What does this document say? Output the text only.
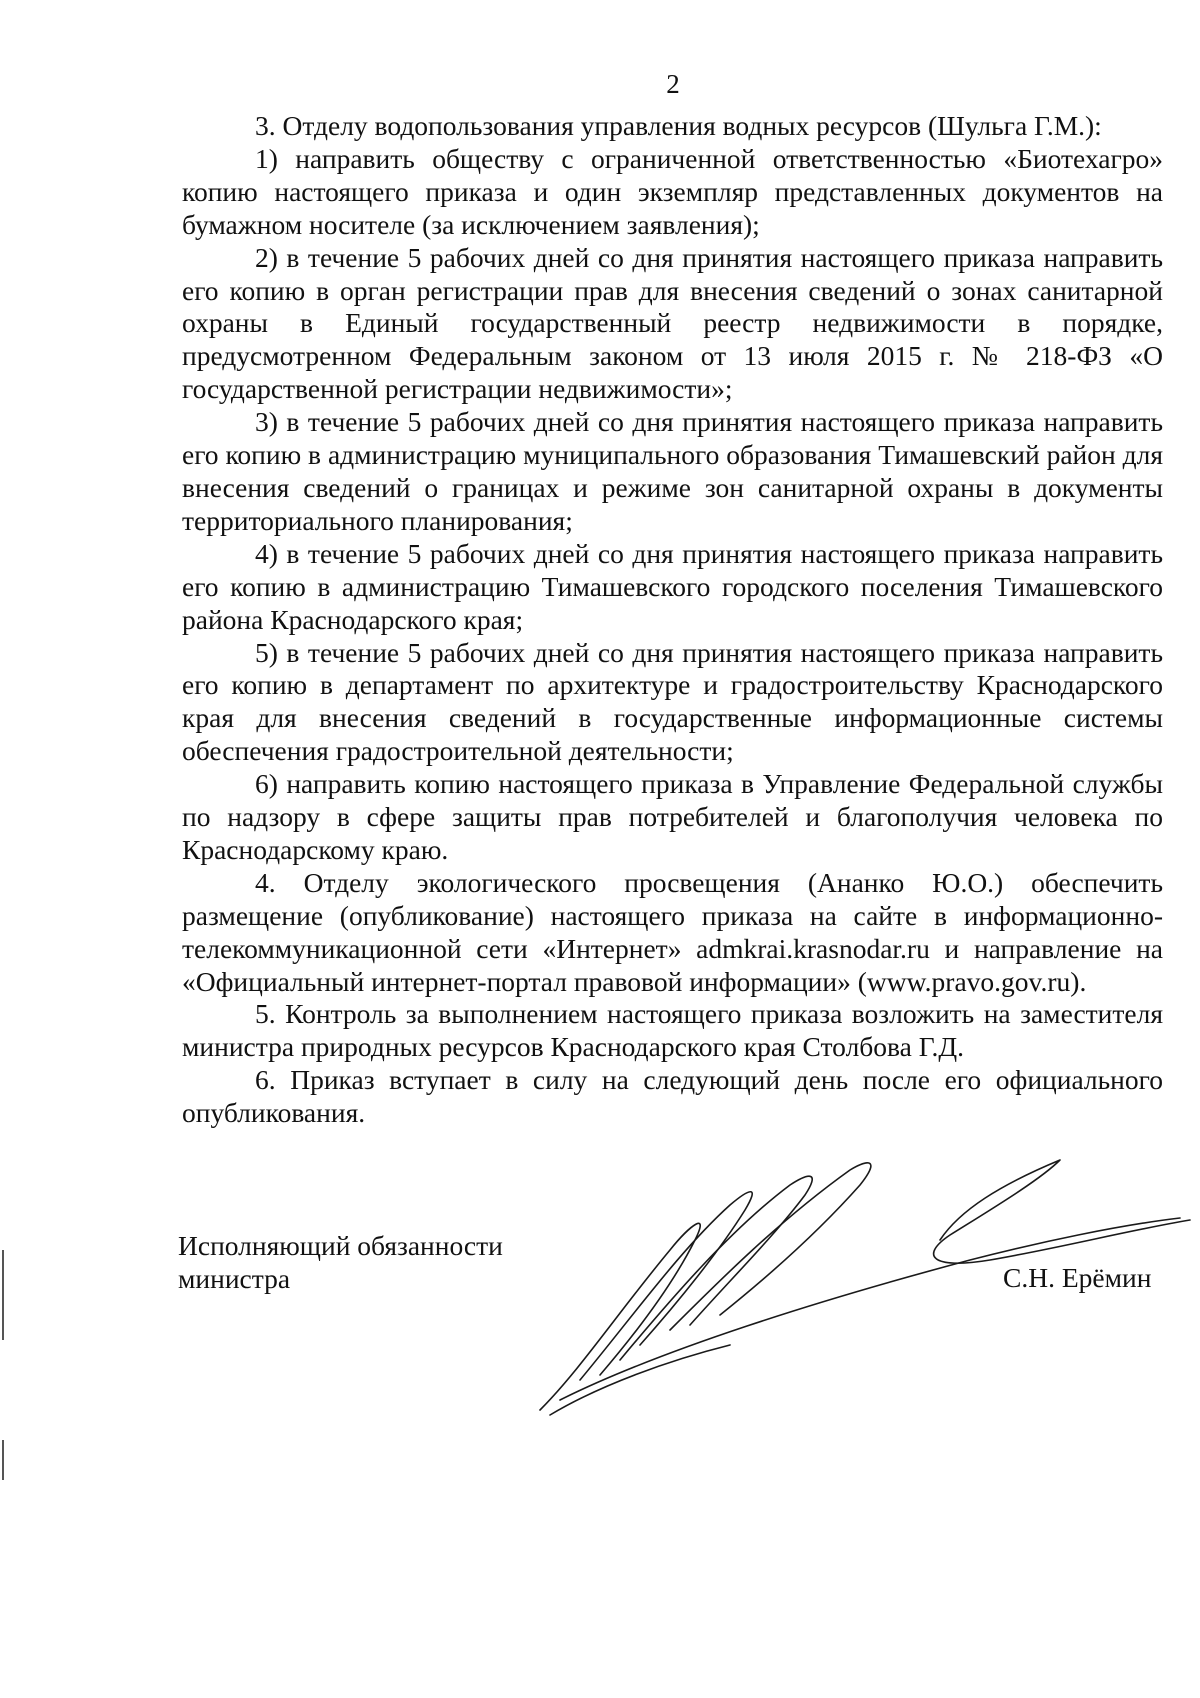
2

3. Отделу водопользования управления водных ресурсов (Шульга Г.М.):

1) направить обществу с ограниченной ответственностью «Биотехагро» копию настоящего приказа и один экземпляр представленных документов на бумажном носителе (за исключением заявления);

2) в течение 5 рабочих дней со дня принятия настоящего приказа направить его копию в орган регистрации прав для внесения сведений о зонах санитарной охраны в Единый государственный реестр недвижимости в порядке, предусмотренном Федеральным законом от 13 июля 2015 г. № 218-ФЗ «О государственной регистрации недвижимости»;

3) в течение 5 рабочих дней со дня принятия настоящего приказа направить его копию в администрацию муниципального образования Тимашевский район для внесения сведений о границах и режиме зон санитарной охраны в документы территориального планирования;

4) в течение 5 рабочих дней со дня принятия настоящего приказа направить его копию в администрацию Тимашевского городского поселения Тимашевского района Краснодарского края;

5) в течение 5 рабочих дней со дня принятия настоящего приказа направить его копию в департамент по архитектуре и градостроительству Краснодарского края для внесения сведений в государственные информационные системы обеспечения градостроительной деятельности;

6) направить копию настоящего приказа в Управление Федеральной службы по надзору в сфере защиты прав потребителей и благополучия человека по Краснодарскому краю.

4. Отделу экологического просвещения (Ананко Ю.О.) обеспечить размещение (опубликование) настоящего приказа на сайте в информационно-телекоммуникационной сети «Интернет» admkrai.krasnodar.ru и направление на «Официальный интернет-портал правовой информации» (www.pravo.gov.ru).

5. Контроль за выполнением настоящего приказа возложить на заместителя министра природных ресурсов Краснодарского края Столбова Г.Д.

6. Приказ вступает в силу на следующий день после его официального опубликования.

Исполняющий обязанности
министра	С.Н. Ерёмин
